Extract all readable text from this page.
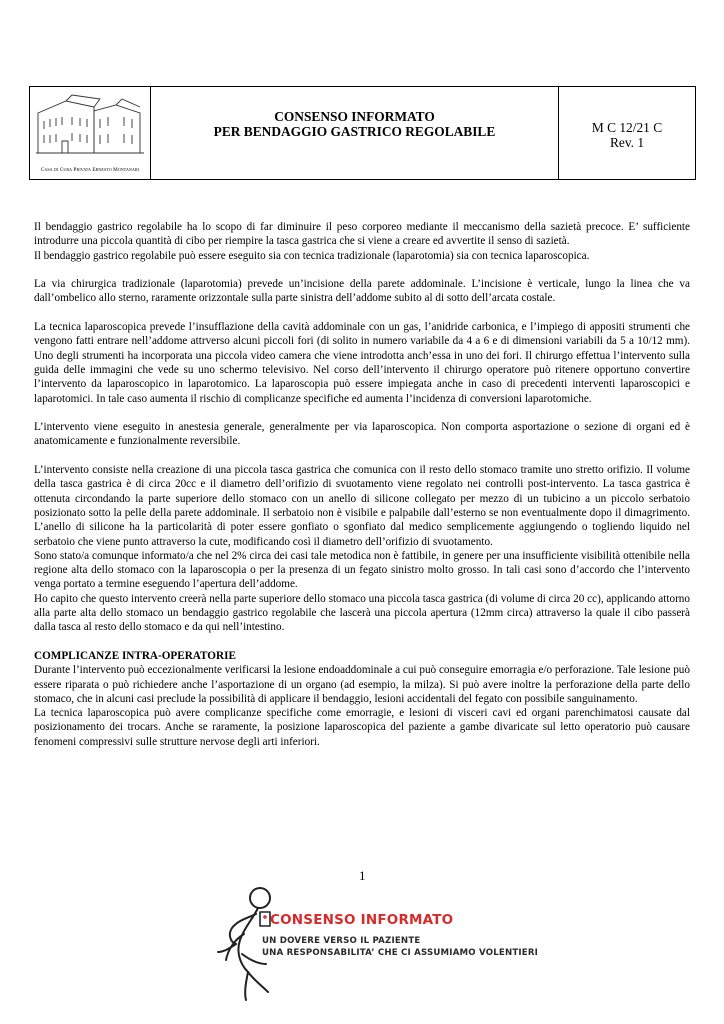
Casa di Cura Privata Ernesto Montanari
CONSENSO INFORMATO
PER BENDAGGIO GASTRICO REGOLABILE	M C 12/21 C
Rev. 1

Il bendaggio gastrico regolabile ha lo scopo di far diminuire il peso corporeo mediante il meccanismo della sazietà precoce. E’ sufficiente introdurre una piccola quantità di cibo per riempire la tasca gastrica che si viene a creare ed avvertite il senso di sazietà.

Il bendaggio gastrico regolabile può essere eseguito sia con tecnica tradizionale (laparotomia) sia con tecnica laparoscopica.

La via chirurgica tradizionale (laparotomia) prevede un’incisione della parete addominale. L’incisione è verticale, lungo la linea che va dall’ombelico allo sterno, raramente orizzontale sulla parte sinistra dell’addome subito al di sotto dell’arcata costale.

La tecnica laparoscopica prevede l’insufflazione della cavità addominale con un gas, l’anidride carbonica, e l’impiego di appositi strumenti che vengono fatti entrare nell’addome attrverso alcuni piccoli fori (di solito in numero variabile da 4 a 6 e di dimensioni variabili da 5 a 10/12 mm). Uno degli strumenti ha incorporata una piccola video camera che viene introdotta anch’essa in uno dei fori. Il chirurgo effettua l’intervento sulla guida delle immagini che vede su uno schermo televisivo. Nel corso dell’intervento il chirurgo operatore può ritenere opportuno convertire l’intervento da laparoscopico in laparotomico. La laparoscopia può essere impiegata anche in caso di precedenti interventi laparoscopici e laparotomici. In tale caso aumenta il rischio di complicanze specifiche ed aumenta l’incidenza di conversioni laparotomiche.

L’intervento viene eseguito in anestesia generale, generalmente per via laparoscopica. Non comporta asportazione o sezione di organi ed è anatomicamente e funzionalmente reversibile.

L’intervento consiste nella creazione di una piccola tasca gastrica che comunica con il resto dello stomaco tramite uno stretto orifizio. Il volume della tasca gastrica è di circa 20cc e il diametro dell’orifizio di svuotamento viene regolato nei controlli post-intervento. La tasca gastrica è ottenuta circondando la parte superiore dello stomaco con un anello di silicone collegato per mezzo di un tubicino a un piccolo serbatoio posizionato sotto la pelle della parete addominale. Il serbatoio non è visibile e palpabile dall’esterno se non eventualmente dopo il dimagrimento. L’anello di silicone ha la particolarità di poter essere gonfiato o sgonfiato dal medico semplicemente aggiungendo o togliendo liquido nel serbatoio che viene punto attraverso la cute, modificando così il diametro dell’orifizio di svuotamento.

Sono stato/a comunque informato/a che nel 2% circa dei casi tale metodica non è fattibile, in genere per una insufficiente visibilità ottenibile nella regione alta dello stomaco con la laparoscopia o per la presenza di un fegato sinistro molto grosso. In tali casi sono d’accordo che l’intervento venga portato a termine eseguendo l’apertura dell’addome.

Ho capito che questo intervento creerà nella parte superiore dello stomaco una piccola tasca gastrica (di volume di circa 20 cc), applicando attorno alla parte alta dello stomaco un bendaggio gastrico regolabile che lascerà una piccola apertura (12mm circa) attraverso la quale il cibo passerà dalla tasca al resto dello stomaco e da qui nell’intestino.

COMPLICANZE INTRA-OPERATORIE

Durante l’intervento può eccezionalmente verificarsi la lesione endoaddominale a cui può conseguire emorragia e/o perforazione. Tale lesione può essere riparata o può richiedere anche l’asportazione di un organo (ad esempio, la milza). Si può avere inoltre la perforazione della parte dello stomaco, che in alcuni casi preclude la possibilità di applicare il bendaggio, lesioni accidentali del fegato con possibile sanguinamento.

La tecnica laparoscopica può avere complicanze specifiche come emorragie, e lesioni di visceri cavi ed organi parenchimatosi causate dal posizionamento dei trocars. Anche se raramente, la posizione laparoscopica del paziente a gambe divaricate sul letto operatorio può causare fenomeni compressivi sulle strutture nervose degli arti inferiori.

1
CONSENSO INFORMATO
UN DOVERE VERSO IL PAZIENTE
UNA RESPONSABILITA’ CHE CI ASSUMIAMO VOLENTIERI
